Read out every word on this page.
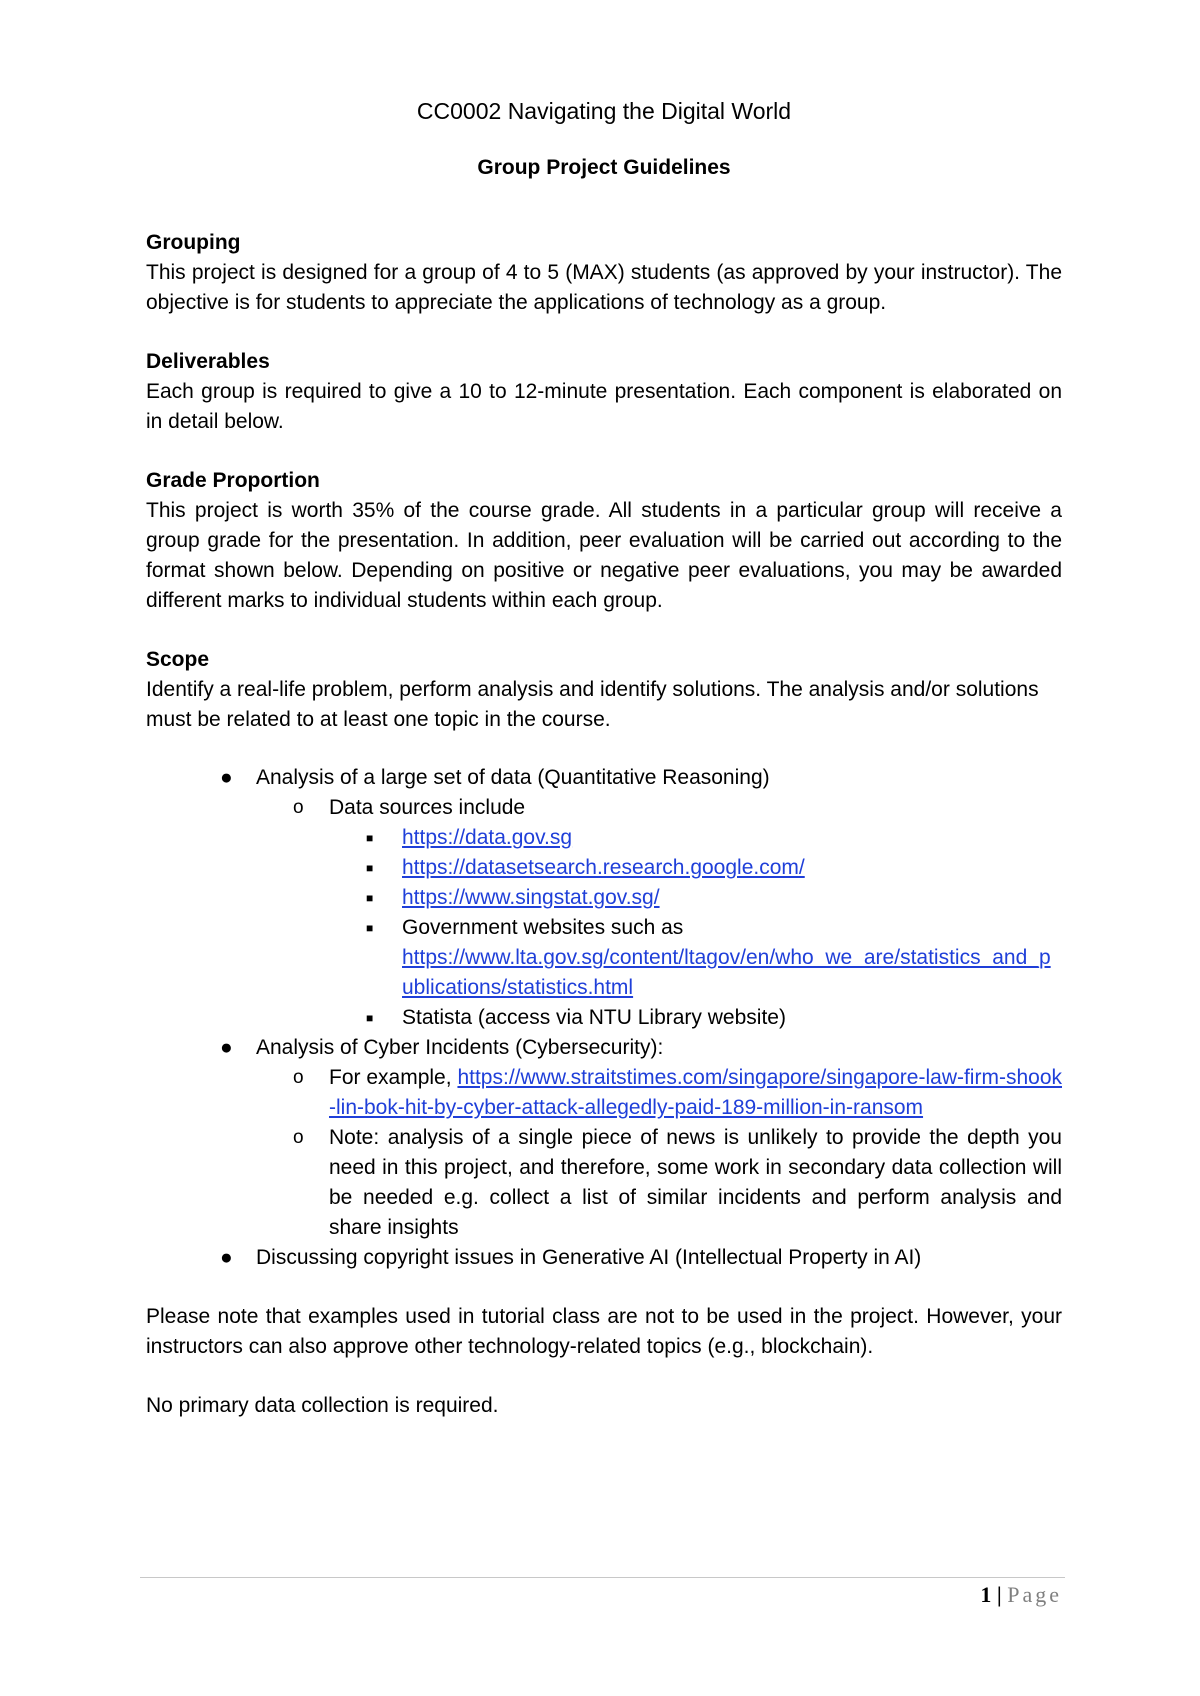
CC0002 Navigating the Digital World
Group Project Guidelines
Grouping
This project is designed for a group of 4 to 5 (MAX) students (as approved by your instructor). The objective is for students to appreciate the applications of technology as a group.
Deliverables
Each group is required to give a 10 to 12-minute presentation. Each component is elaborated on in detail below.
Grade Proportion
This project is worth 35% of the course grade. All students in a particular group will receive a group grade for the presentation. In addition, peer evaluation will be carried out according to the format shown below. Depending on positive or negative peer evaluations, you may be awarded different marks to individual students within each group.
Scope
Identify a real-life problem, perform analysis and identify solutions. The analysis and/or solutions must be related to at least one topic in the course.
● Analysis of a large set of data (Quantitative Reasoning)
o Data sources include
■ https://data.gov.sg
■ https://datasetsearch.research.google.com/
■ https://www.singstat.gov.sg/
■ Government websites such as
https://www.lta.gov.sg/content/ltagov/en/who_we_are/statistics_and_publications/statistics.html
■ Statista (access via NTU Library website)
● Analysis of Cyber Incidents (Cybersecurity):
o For example, https://www.straitstimes.com/singapore/singapore-law-firm-shook-lin-bok-hit-by-cyber-attack-allegedly-paid-189-million-in-ransom
o Note: analysis of a single piece of news is unlikely to provide the depth you need in this project, and therefore, some work in secondary data collection will be needed e.g. collect a list of similar incidents and perform analysis and share insights
● Discussing copyright issues in Generative AI (Intellectual Property in AI)
Please note that examples used in tutorial class are not to be used in the project. However, your instructors can also approve other technology-related topics (e.g., blockchain).
No primary data collection is required.
1 | Page
